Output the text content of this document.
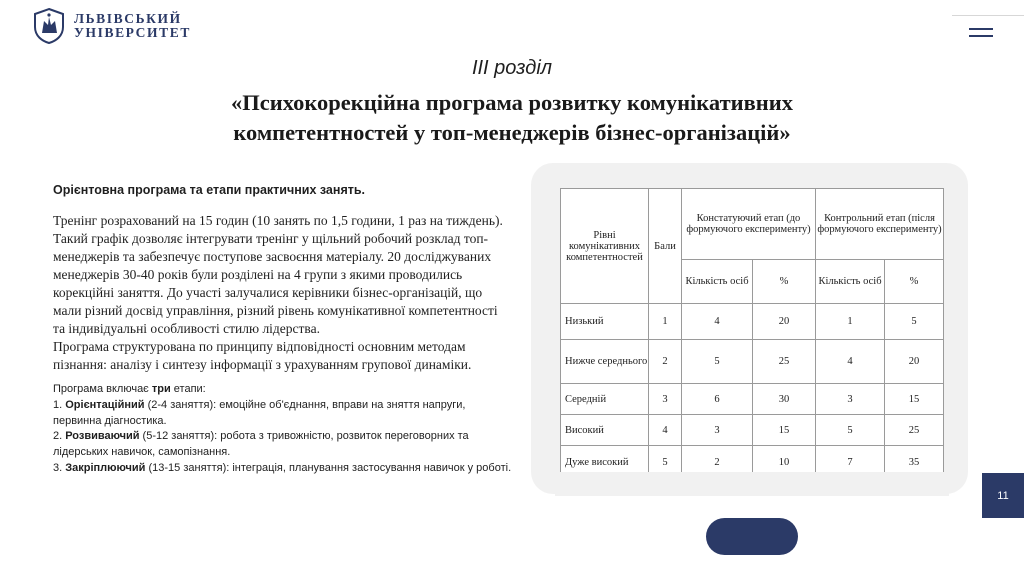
ЛЬВІВСЬКИЙ
УНІВЕРСИТЕТ
ІІІ розділ
«Психокорекційна програма розвитку комунікативних
компетентностей у топ-менеджерів бізнес-організацій»

Орієнтовна програма та етапи практичних занять.

Тренінг розрахований на 15 годин (10 занять по 1,5 години, 1 раз на тиждень). Такий графік дозволяє інтегрувати тренінг у щільний робочий розклад топ-менеджерів та забезпечує поступове засвоєння матеріалу. 20 досліджуваних менеджерів 30-40 років були розділені на 4 групи з якими проводились корекційні заняття. До участі залучалися керівники бізнес-організацій, що мали різний досвід управління, різний рівень комунікативної компетентності та індивідуальні особливості стилю лідерства.

Програма структурована по принципу відповідності основним методам пізнання: аналізу і синтезу інформації з урахуванням групової динаміки.

Програма включає три етапи:
1. Орієнтаційний (2-4 заняття): емоційне об'єднання, вправи на зняття напруги, первинна діагностика.
2. Розвиваючий (5-12 заняття): робота з тривожністю, розвиток переговорних та лідерських навичок, самопізнання.
3. Закріплюючий (13-15 заняття): інтеграція, планування застосування навичок у роботі.
Рівні комунікативних компетентностей	Бали	Констатуючий етап (до формуючого експерименту)		Контрольний етап (після формуючого експерименту)	
		Кількість осіб	%	Кількість осіб	%
Низький	1	4	20	1	5
Нижче середнього	2	5	25	4	20
Середній	3	6	30	3	15
Високий	4	3	15	5	25
Дуже високий	5	2	10	7	35
11
